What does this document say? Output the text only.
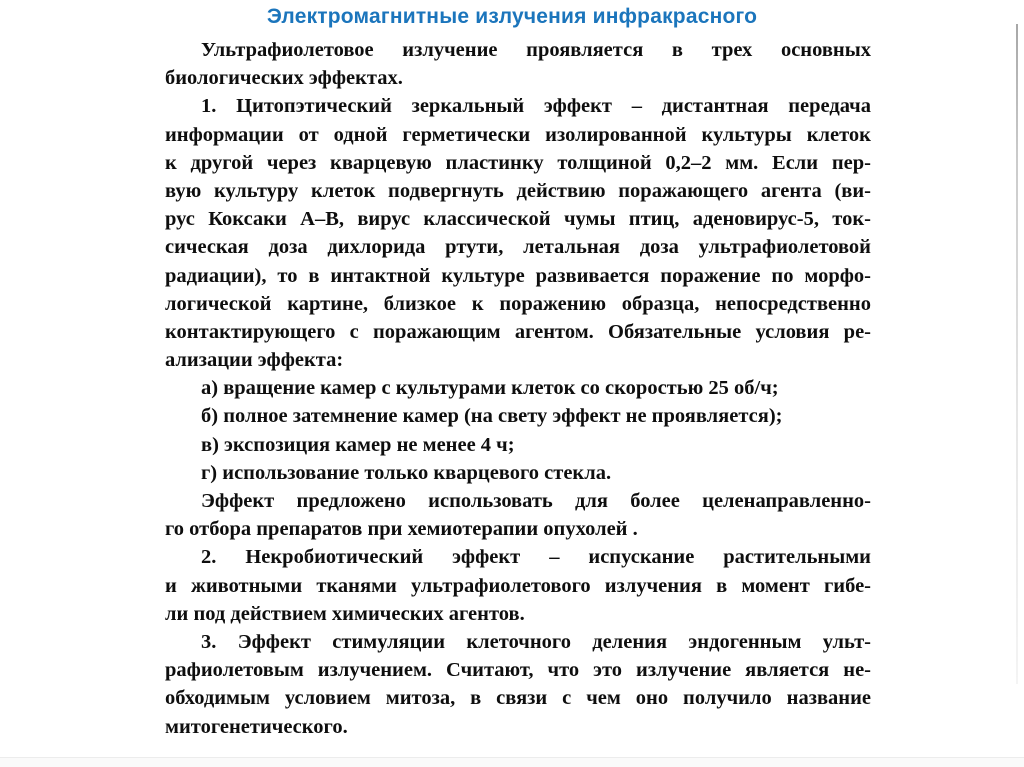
Электромагнитные излучения инфракрасного
Ультрафиолетовое излучение проявляется в трех основных
биологических эффектах.
1. Цитопэтический зеркальный эффект – дистантная передача
информации от одной герметически изолированной культуры клеток
к другой через кварцевую пластинку толщиной 0,2–2 мм. Если пер-
вую культуру клеток подвергнуть действию поражающего агента (ви-
рус Коксаки А–В, вирус классической чумы птиц, аденовирус-5, ток-
сическая доза дихлорида ртути, летальная доза ультрафиолетовой
радиации), то в интактной культуре развивается поражение по морфо-
логической картине, близкое к поражению образца, непосредственно
контактирующего с поражающим агентом. Обязательные условия ре-
ализации эффекта:
а) вращение камер с культурами клеток со скоростью 25 об/ч;
б) полное затемнение камер (на свету эффект не проявляется);
в) экспозиция камер не менее 4 ч;
г) использование только кварцевого стекла.
Эффект предложено использовать для более целенаправленно-
го отбора препаратов при хемиотерапии опухолей .
2. Некробиотический эффект – испускание растительными
и животными тканями ультрафиолетового излучения в момент гибе-
ли под действием химических агентов.
3. Эффект стимуляции клеточного деления эндогенным ульт-
рафиолетовым излучением. Считают, что это излучение является не-
обходимым условием митоза, в связи с чем оно получило название
митогенетического.
